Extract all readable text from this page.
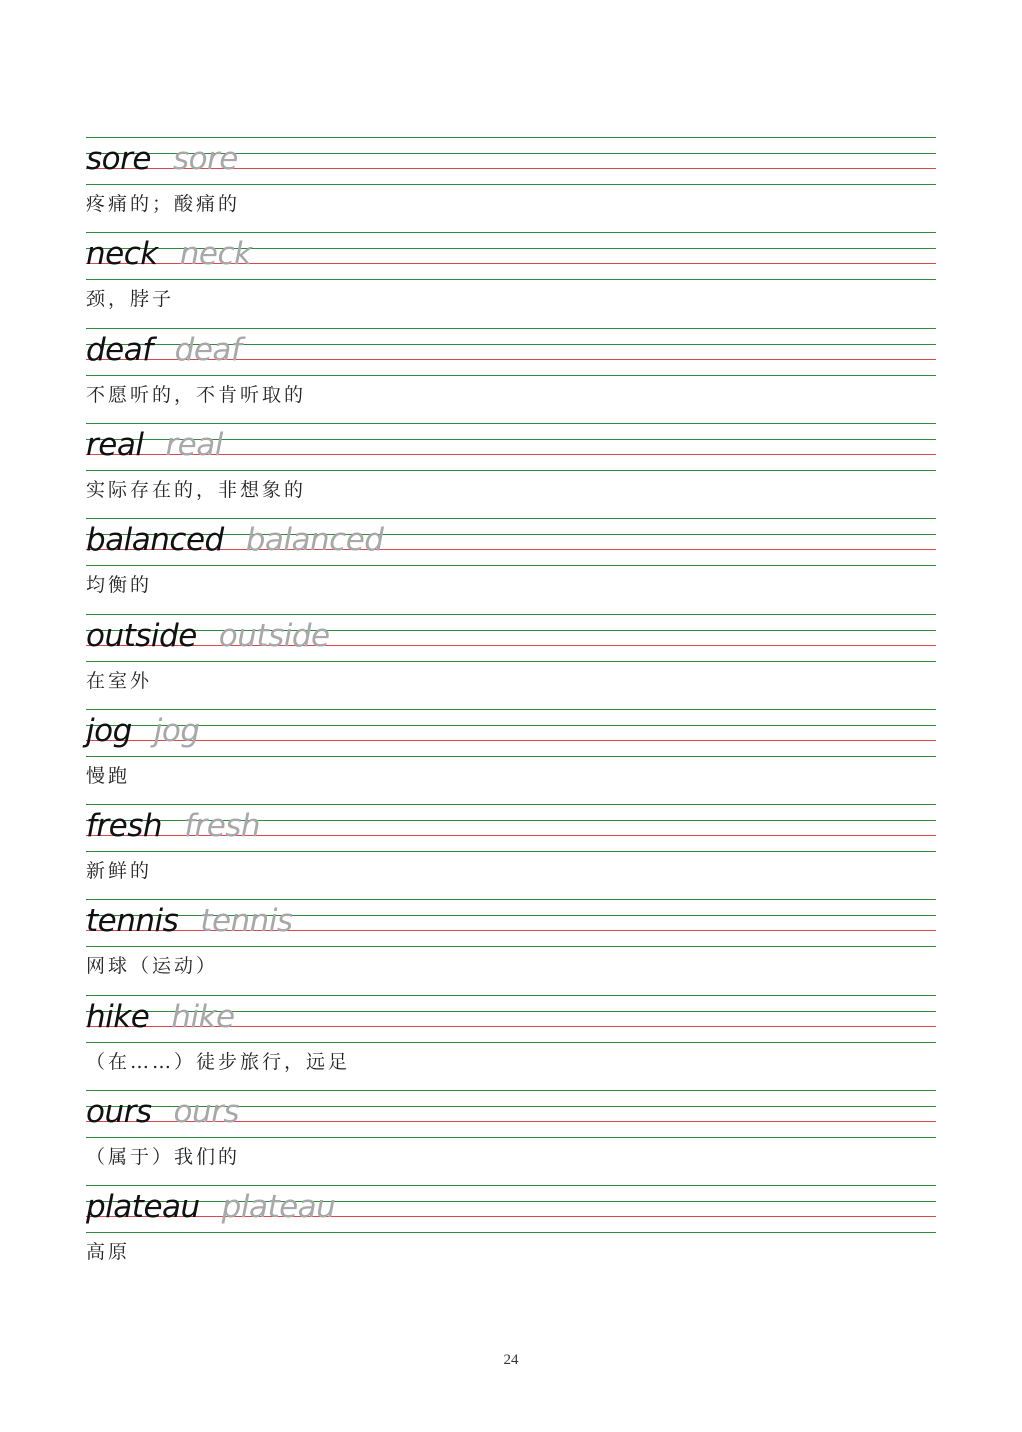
sore sore
疼痛的；酸痛的
neck neck
颈，脖子
deaf deaf
不愿听的，不肯听取的
real real
实际存在的，非想象的
balanced balanced
均衡的
outside outside
在室外
jog jog
慢跑
fresh fresh
新鲜的
tennis tennis
网球（运动）
hike hike
（在……）徒步旅行，远足
ours ours
（属于）我们的
plateau plateau
高原
24
